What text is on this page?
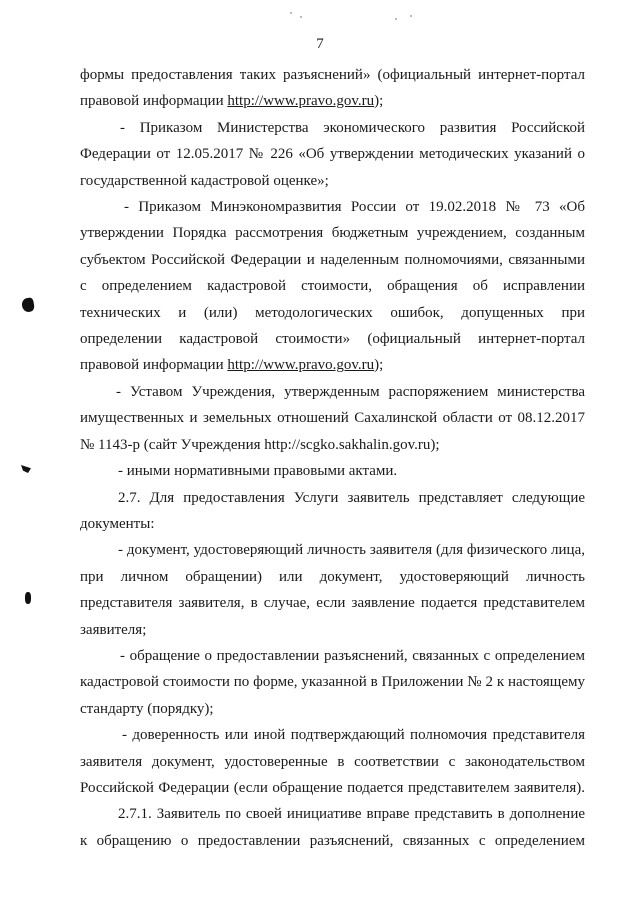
7

формы предоставления таких разъяснений» (официальный интернет-портал
правовой информации http://www.pravo.gov.ru);

- Приказом Министерства экономического развития Российской
Федерации от 12.05.2017 № 226 «Об утверждении методических указаний о
государственной кадастровой оценке»;

- Приказом Минэкономразвития России от 19.02.2018 № 73 «Об
утверждении Порядка рассмотрения бюджетным учреждением, созданным
субъектом Российской Федерации и наделенным полномочиями, связанными
с определением кадастровой стоимости, обращения об исправлении
технических и (или) методологических ошибок, допущенных при
определении кадастровой стоимости» (официальный интернет-портал
правовой информации http://www.pravo.gov.ru);

- Уставом Учреждения, утвержденным распоряжением министерства
имущественных и земельных отношений Сахалинской области от 08.12.2017
№ 1143-р (сайт Учреждения http://scgko.sakhalin.gov.ru);

- иными нормативными правовыми актами.

2.7. Для предоставления Услуги заявитель представляет следующие
документы:

- документ, удостоверяющий личность заявителя (для физического лица,
при личном обращении) или документ, удостоверяющий личность
представителя заявителя, в случае, если заявление подается представителем
заявителя;

- обращение о предоставлении разъяснений, связанных с определением
кадастровой стоимости по форме, указанной в Приложении № 2 к настоящему
стандарту (порядку);

- доверенность или иной подтверждающий полномочия представителя
заявителя документ, удостоверенные в соответствии с законодательством
Российской Федерации (если обращение подается представителем заявителя).

2.7.1. Заявитель по своей инициативе вправе представить в дополнение
к обращению о предоставлении разъяснений, связанных с определением
